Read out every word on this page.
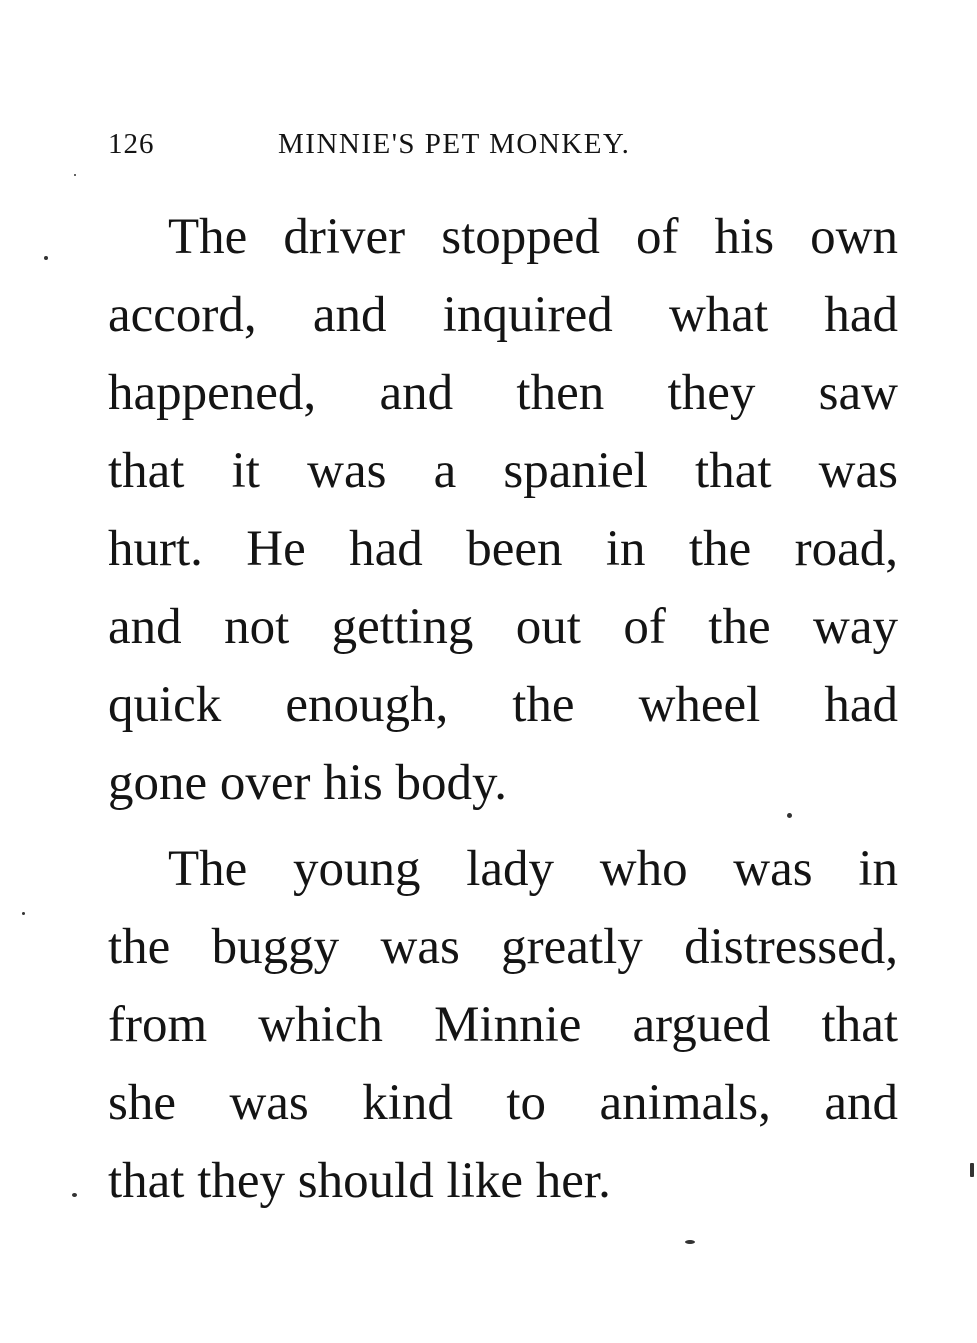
126	MINNIE'S PET MONKEY.
The driver stopped of his own
accord, and inquired what had
happened, and then they saw
that it was a spaniel that was
hurt. He had been in the road,
and not getting out of the way
quick enough, the wheel had
gone over his body.
The young lady who was in
the buggy was greatly distressed,
from which Minnie argued that
she was kind to animals, and
that they should like her.
